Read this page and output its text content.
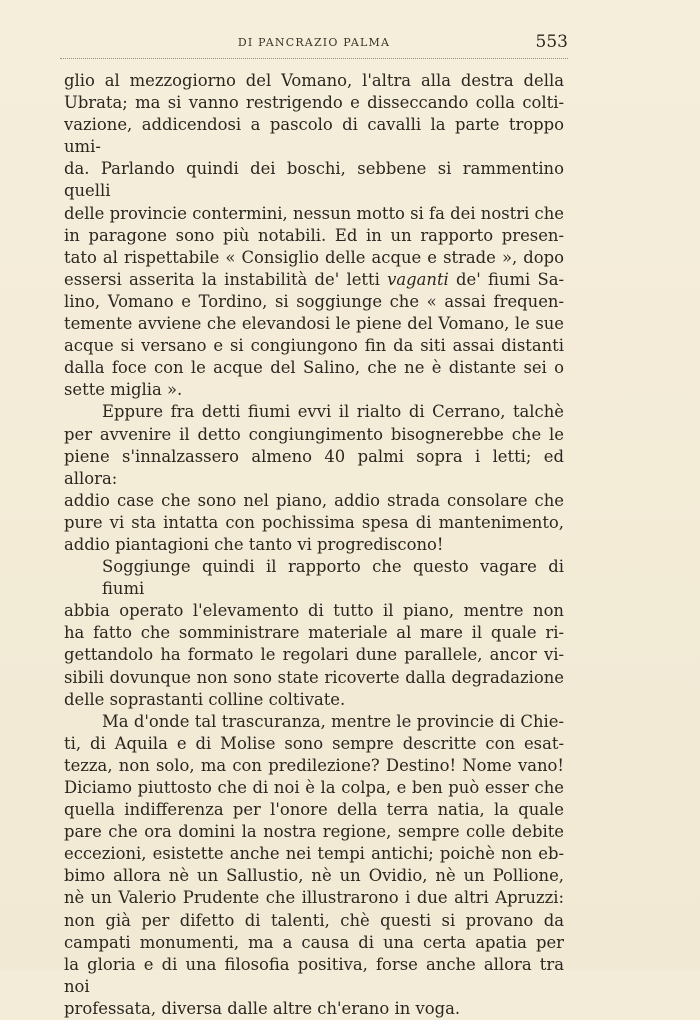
DI PANCRAZIO PALMA	553

glio al mezzogiorno del Vomano, l'altra alla destra della
Ubrata; ma si vanno restrigendo e disseccando colla colti-
vazione, addicendosi a pascolo di cavalli la parte troppo umi-
da. Parlando quindi dei boschi, sebbene si rammentino quelli
delle provincie contermini, nessun motto si fa dei nostri che
in paragone sono più notabili. Ed in un rapporto presen-
tato al rispettabile « Consiglio delle acque e strade », dopo
essersi asserita la instabilità de' letti vaganti de' fiumi Sa-
lino, Vomano e Tordino, si soggiunge che « assai frequen-
temente avviene che elevandosi le piene del Vomano, le sue
acque si versano e si congiungono fin da siti assai distanti
dalla foce con le acque del Salino, che ne è distante sei o
sette miglia ».

Eppure fra detti fiumi evvi il rialto di Cerrano, talchè
per avvenire il detto congiungimento bisognerebbe che le
piene s'innalzassero almeno 40 palmi sopra i letti; ed allora:
addio case che sono nel piano, addio strada consolare che
pure vi sta intatta con pochissima spesa di mantenimento,
addio piantagioni che tanto vi progrediscono!

Soggiunge quindi il rapporto che questo vagare di fiumi
abbia operato l'elevamento di tutto il piano, mentre non
ha fatto che somministrare materiale al mare il quale ri-
gettandolo ha formato le regolari dune parallele, ancor vi-
sibili dovunque non sono state ricoverte dalla degradazione
delle soprastanti colline coltivate.

Ma d'onde tal trascuranza, mentre le provincie di Chie-
ti, di Aquila e di Molise sono sempre descritte con esat-
tezza, non solo, ma con predilezione? Destino! Nome vano!
Diciamo piuttosto che di noi è la colpa, e ben può esser che
quella indifferenza per l'onore della terra natia, la quale
pare che ora domini la nostra regione, sempre colle debite
eccezioni, esistette anche nei tempi antichi; poichè non eb-
bimo allora nè un Sallustio, nè un Ovidio, nè un Pollione,
nè un Valerio Prudente che illustrarono i due altri Apruzzi:
non già per difetto di talenti, chè questi si provano da
campati monumenti, ma a causa di una certa apatia per
la gloria e di una filosofia positiva, forse anche allora tra noi
professata, diversa dalle altre ch'erano in voga.
